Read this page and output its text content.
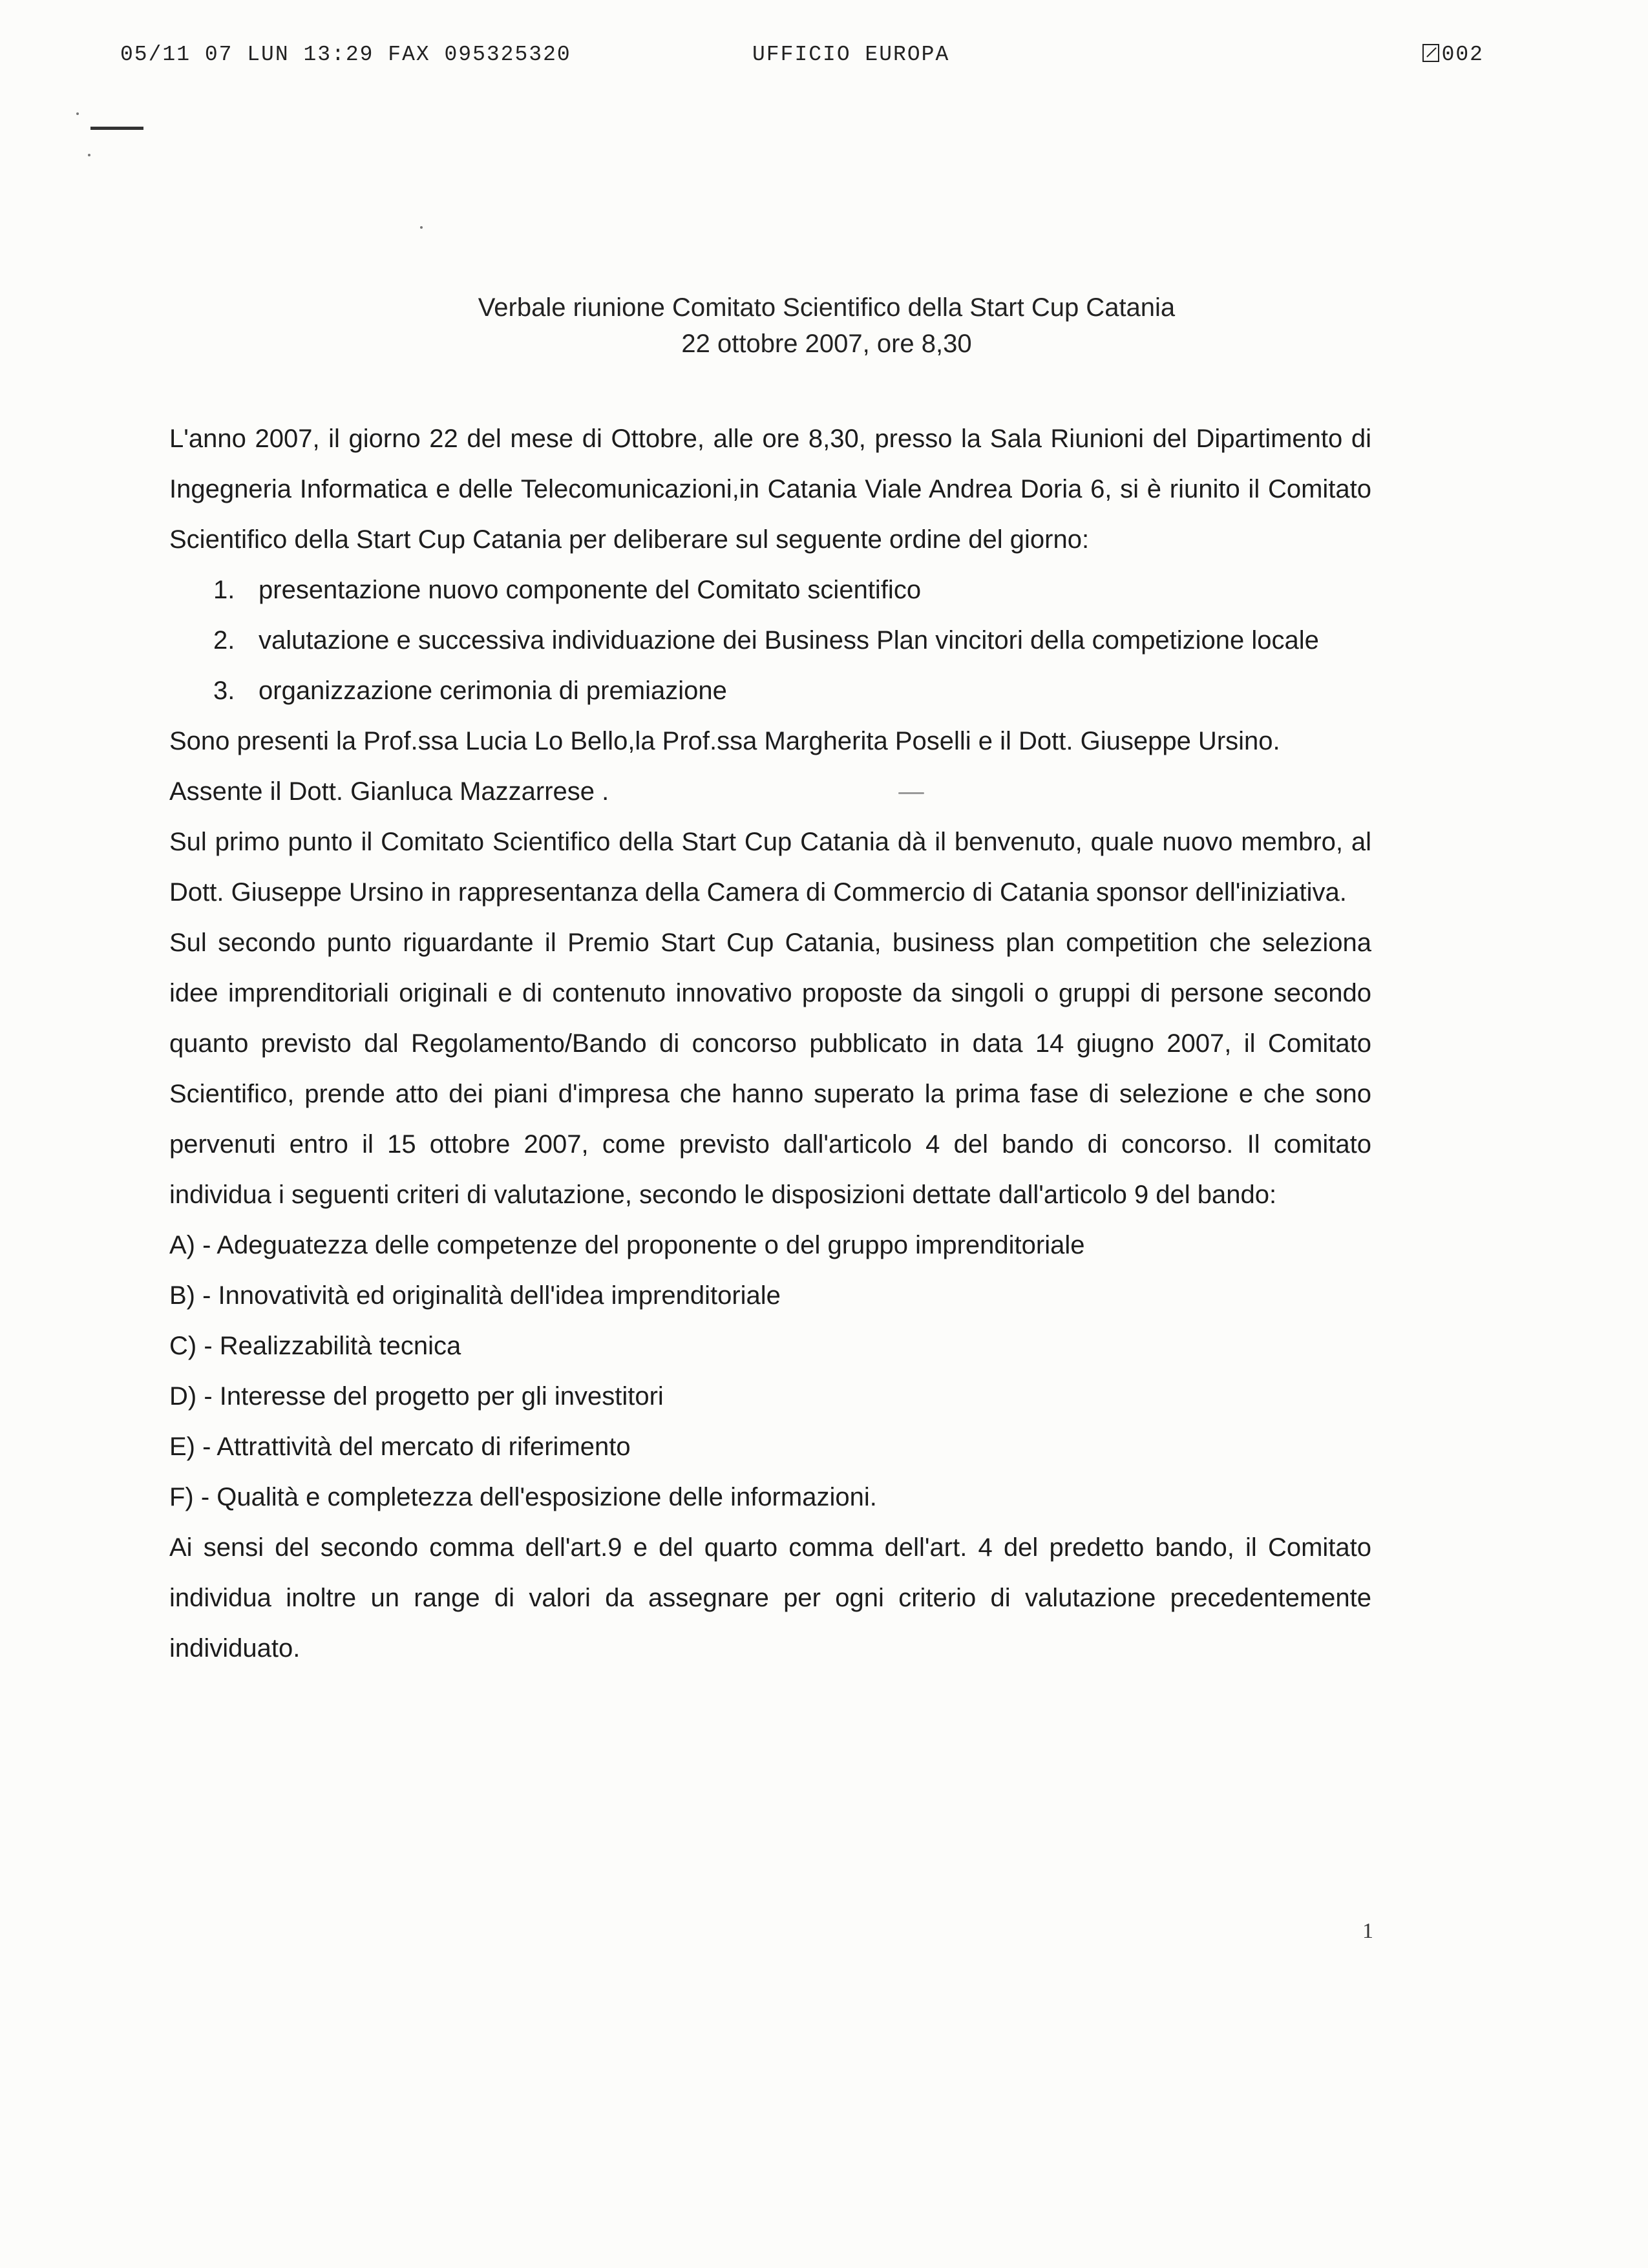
05/11 07 LUN 13:29 FAX 095325320	UFFICIO EUROPA	002
Verbale riunione Comitato Scientifico della Start Cup Catania
22 ottobre 2007, ore 8,30

L'anno 2007, il giorno 22 del mese di Ottobre, alle ore 8,30, presso la Sala Riunioni del Dipartimento di Ingegneria Informatica e delle Telecomunicazioni,in Catania Viale Andrea Doria 6, si è riunito il Comitato Scientifico della Start Cup Catania per deliberare sul seguente ordine del giorno:

1. presentazione nuovo componente del Comitato scientifico
2. valutazione e successiva individuazione dei Business Plan vincitori della competizione locale
3. organizzazione cerimonia di premiazione

Sono presenti la Prof.ssa Lucia Lo Bello,la Prof.ssa Margherita Poselli e il Dott. Giuseppe Ursino.

Assente il Dott. Gianluca Mazzarrese .

Sul primo punto il Comitato Scientifico della Start Cup Catania dà il benvenuto, quale nuovo membro, al Dott. Giuseppe Ursino in rappresentanza della Camera di Commercio di Catania sponsor dell'iniziativa.

Sul secondo punto riguardante il Premio Start Cup Catania, business plan competition che seleziona idee imprenditoriali originali e di contenuto innovativo proposte da singoli o gruppi di persone secondo quanto previsto dal Regolamento/Bando di concorso pubblicato in data 14 giugno 2007, il Comitato Scientifico, prende atto dei piani d'impresa che hanno superato la prima fase di selezione e che sono pervenuti entro il 15 ottobre 2007, come previsto dall'articolo 4 del bando di concorso. Il comitato individua i seguenti criteri di valutazione, secondo le disposizioni dettate dall'articolo 9 del bando:

A) - Adeguatezza delle competenze del proponente o del gruppo imprenditoriale

B) - Innovatività ed originalità dell'idea imprenditoriale

C) - Realizzabilità tecnica

D) - Interesse del progetto per gli investitori

E) - Attrattività del mercato di riferimento

F) - Qualità e completezza dell'esposizione delle informazioni.

Ai sensi del secondo comma dell'art.9 e del quarto comma dell'art. 4 del predetto bando, il Comitato individua inoltre un range di valori da assegnare per ogni criterio di valutazione precedentemente individuato.

1
